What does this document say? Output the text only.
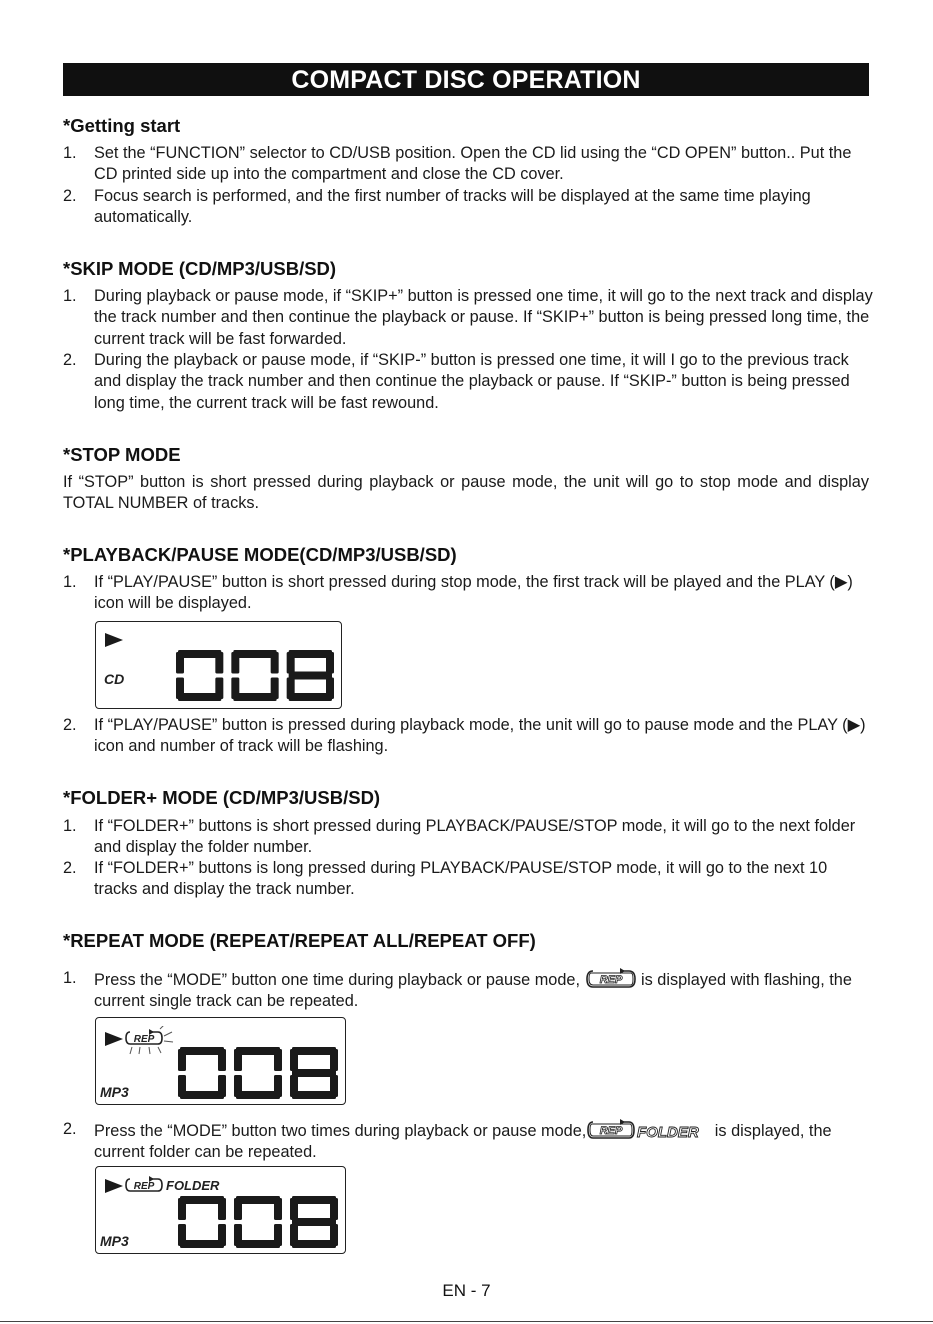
COMPACT DISC OPERATION
*Getting start
1. Set the “FUNCTION” selector to CD/USB position. Open the CD lid using the “CD OPEN” button.. Put the CD printed side up into the compartment and close the CD cover.
2. Focus search is performed, and the first number of tracks will be displayed at the same time playing automatically.
*SKIP MODE (CD/MP3/USB/SD)
1. During playback or pause mode, if “SKIP+” button is pressed one time, it will go to the next track and display the track number and then continue the playback or pause. If “SKIP+” button is being pressed long time, the current track will be fast forwarded.
2. During the playback or pause mode, if “SKIP-” button is pressed one time, it will I go to the previous track and display the track number and then continue the playback or pause. If “SKIP-” button is being pressed long time, the current track will be fast rewound.
*STOP MODE
If “STOP” button is short pressed during playback or pause mode, the unit will go to stop mode and display TOTAL NUMBER of tracks.
*PLAYBACK/PAUSE MODE(CD/MP3/USB/SD)
1. If “PLAY/PAUSE” button is short pressed during stop mode, the first track will be played and the PLAY (▶) icon will be displayed.
CD
2. If “PLAY/PAUSE” button is pressed during playback mode, the unit will go to pause mode and the PLAY (▶) icon and number of track will be flashing.
*FOLDER+ MODE (CD/MP3/USB/SD)
1. If “FOLDER+” buttons is short pressed during PLAYBACK/PAUSE/STOP mode, it will go to the next folder and display the folder number.
2. If “FOLDER+” buttons is long pressed during PLAYBACK/PAUSE/STOP mode, it will go to the next 10 tracks and display the track number.
*REPEAT MODE (REPEAT/REPEAT ALL/REPEAT OFF)
1. Press the “MODE” button one time during playback or pause mode, REP is displayed with flashing, the current single track can be repeated.
REP
MP3
2. Press the “MODE” button two times during playback or pause mode, REP FOLDER is displayed, the current folder can be repeated.
REP FOLDER
MP3
EN - 7
